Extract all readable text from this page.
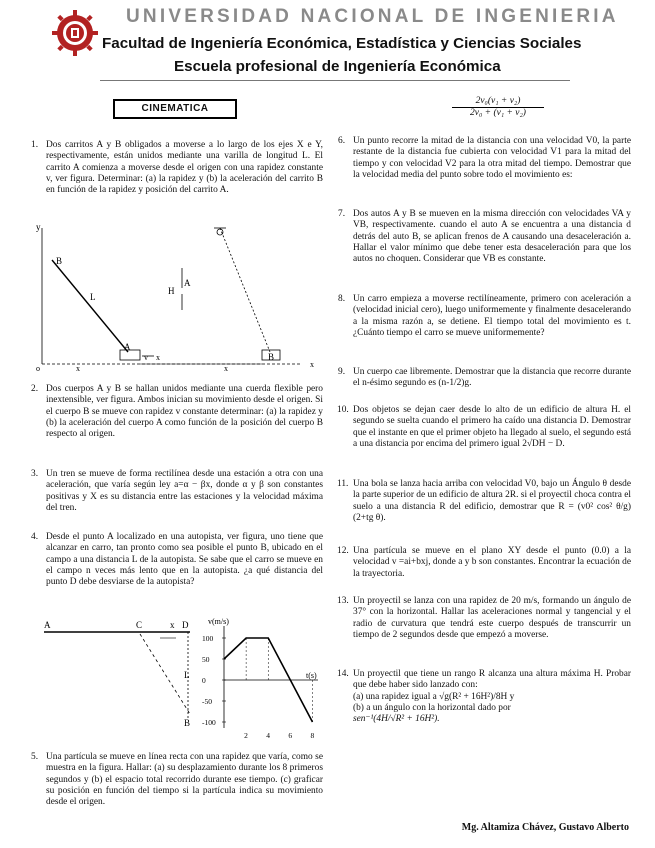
UNIVERSIDAD NACIONAL DE INGENIERIA
Facultad de Ingeniería Económica, Estadística y Ciencias Sociales
Escuela profesional de Ingeniería Económica
CINEMATICA	$\frac{\text{2v₀(v₁ + v₂)}}{\text{2v₀ + (v₁ + v₂)}}$
1. Dos carritos A y B obligados a moverse a lo largo de los ejes X e Y, respectivamente, están unidos mediante una varilla de longitud L. El carrito A comienza a moverse desde el origen con una rapidez constante v, ver figura. Determinar: (a) la rapidez y (b) la aceleración del carrito B en función de la rapidez y posición del carrito A.
y
B
L
A
v x
o	x
H
A
x
B
x
2. Dos cuerpos A y B se hallan unidos mediante una cuerda flexible pero inextensible, ver figura. Ambos inician su movimiento desde el origen. Si el cuerpo B se mueve con rapidez v constante determinar: (a) la rapidez y (b) la aceleración del cuerpo A como función de la posición del cuerpo B respecto al origen.
3. Un tren se mueve de forma rectilínea desde una estación a otra con una aceleración, que varía según ley a=α − βx, donde α y β son constantes positivas y X es su distancia entre las estaciones y la velocidad máxima del tren.
4. Desde el punto A localizado en una autopista, ver figura, uno tiene que alcanzar en carro, tan pronto como sea posible el punto B, ubicado en el campo a una distancia L de la autopista. Se sabe que el carro se mueve en el campo n veces más lento que en la autopista. ¿a qué distancia del punto D debe desviarse de la autopista?
A	C	x D
L
B
v(m/s)
t(s)
100
50
0
-50
-100
2 4 6 8
5. Una partícula se mueve en línea recta con una rapidez que varía, como se muestra en la figura. Hallar: (a) su desplazamiento durante los 8 primeros segundos y (b) el espacio total recorrido durante ese tiempo. (c) graficar su posición en función del tiempo si la partícula indica su movimiento desde el origen.
6. Un punto recorre la mitad de la distancia con una velocidad V0, la parte restante de la distancia fue cubierta con velocidad V1 para la mitad del tiempo y con velocidad V2 para la otra mitad del tiempo. Demostrar que la velocidad media del punto sobre todo el movimiento es:
7. Dos autos A y B se mueven en la misma dirección con velocidades VA y VB, respectivamente. cuando el auto A se encuentra a una distancia d detrás del auto B, se aplican frenos de A causando una desaceleración a. Hallar el valor mínimo que debe tener esta desaceleración para que los autos no choquen. Considerar que VB es constante.
8. Un carro empieza a moverse rectilíneamente, primero con aceleración a (velocidad inicial cero), luego uniformemente y finalmente desacelerando a la misma razón a, se detiene. El tiempo total del movimiento es t. ¿Cuánto tiempo el carro se mueve uniformemente?
9. Un cuerpo cae libremente. Demostrar que la distancia que recorre durante el n-ésimo segundo es (n-1/2)g.
10. Dos objetos se dejan caer desde lo alto de un edificio de altura H. el segundo se suelta cuando el primero ha caído una distancia D. Demostrar que el instante en que el primer objeto ha llegado al suelo, el segundo está a una distancia por encima del primero igual 2√DH − D.
11. Una bola se lanza hacia arriba con velocidad V0, bajo un Ángulo θ desde la parte superior de un edificio de altura 2R. si el proyectil choca contra el suelo a una distancia R del edificio, demostrar que R = (v0² cos² θ/g) (2+tg θ).
12. Una partícula se mueve en el plano XY desde el punto (0.0) a la velocidad v =ai+bxj, donde a y b son constantes. Encontrar la ecuación de la trayectoria.
13. Un proyectil se lanza con una rapidez de 20 m/s, formando un ángulo de 37° con la horizontal. Hallar las aceleraciones normal y tangencial y el radio de curvatura que tendrá este cuerpo después de transcurrir un tiempo de 2 segundos desde que empezó a moverse.
14. Un proyectil que tiene un rango R alcanza una altura máxima H. Probar que debe haber sido lanzado con:
(a) una rapidez igual a √g(R² + 16H²)/8H y
(b) a un ángulo con la horizontal dado por
sen⁻¹(4H/√R² + 16H²).
Mg. Altamiza Chávez, Gustavo Alberto
